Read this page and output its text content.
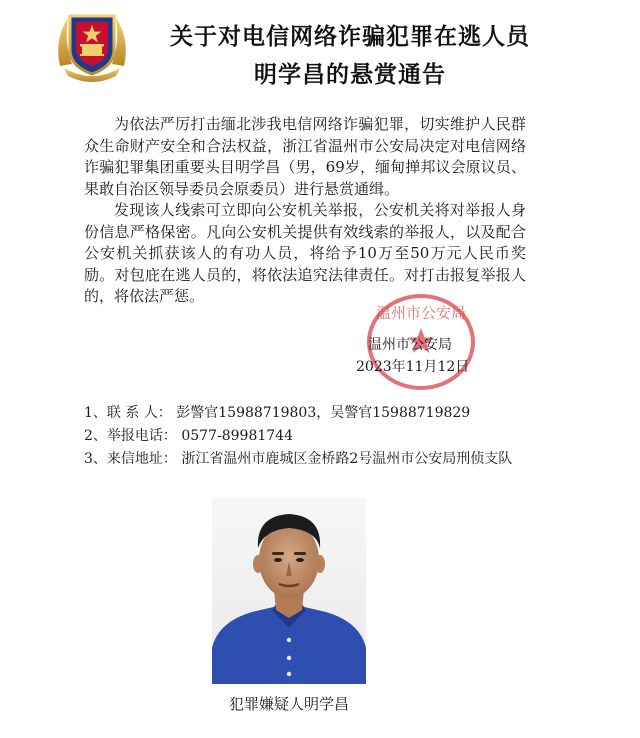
关于对电信网络诈骗犯罪在逃人员
明学昌的悬赏通告
为依法严厉打击缅北涉我电信网络诈骗犯罪，切实维护人民群众生命财产安全和合法权益，浙江省温州市公安局决定对电信网络诈骗犯罪集团重要头目明学昌（男，69岁，缅甸掸邦议会原议员、果敢自治区领导委员会原委员）进行悬赏通缉。
发现该人线索可立即向公安机关举报，公安机关将对举报人身份信息严格保密。凡向公安机关提供有效线索的举报人，以及配合公安机关抓获该人的有功人员，将给予10万至50万元人民币奖励。对包庇在逃人员的，将依法追究法律责任。对打击报复举报人的，将依法严惩。
温州市公安局
温州市公安局
2023年11月12日
1、联 系 人： 彭警官15988719803，吴警官15988719829
2、举报电话： 0577-89981744
3、来信地址： 浙江省温州市鹿城区金桥路2号温州市公安局刑侦支队
犯罪嫌疑人明学昌
